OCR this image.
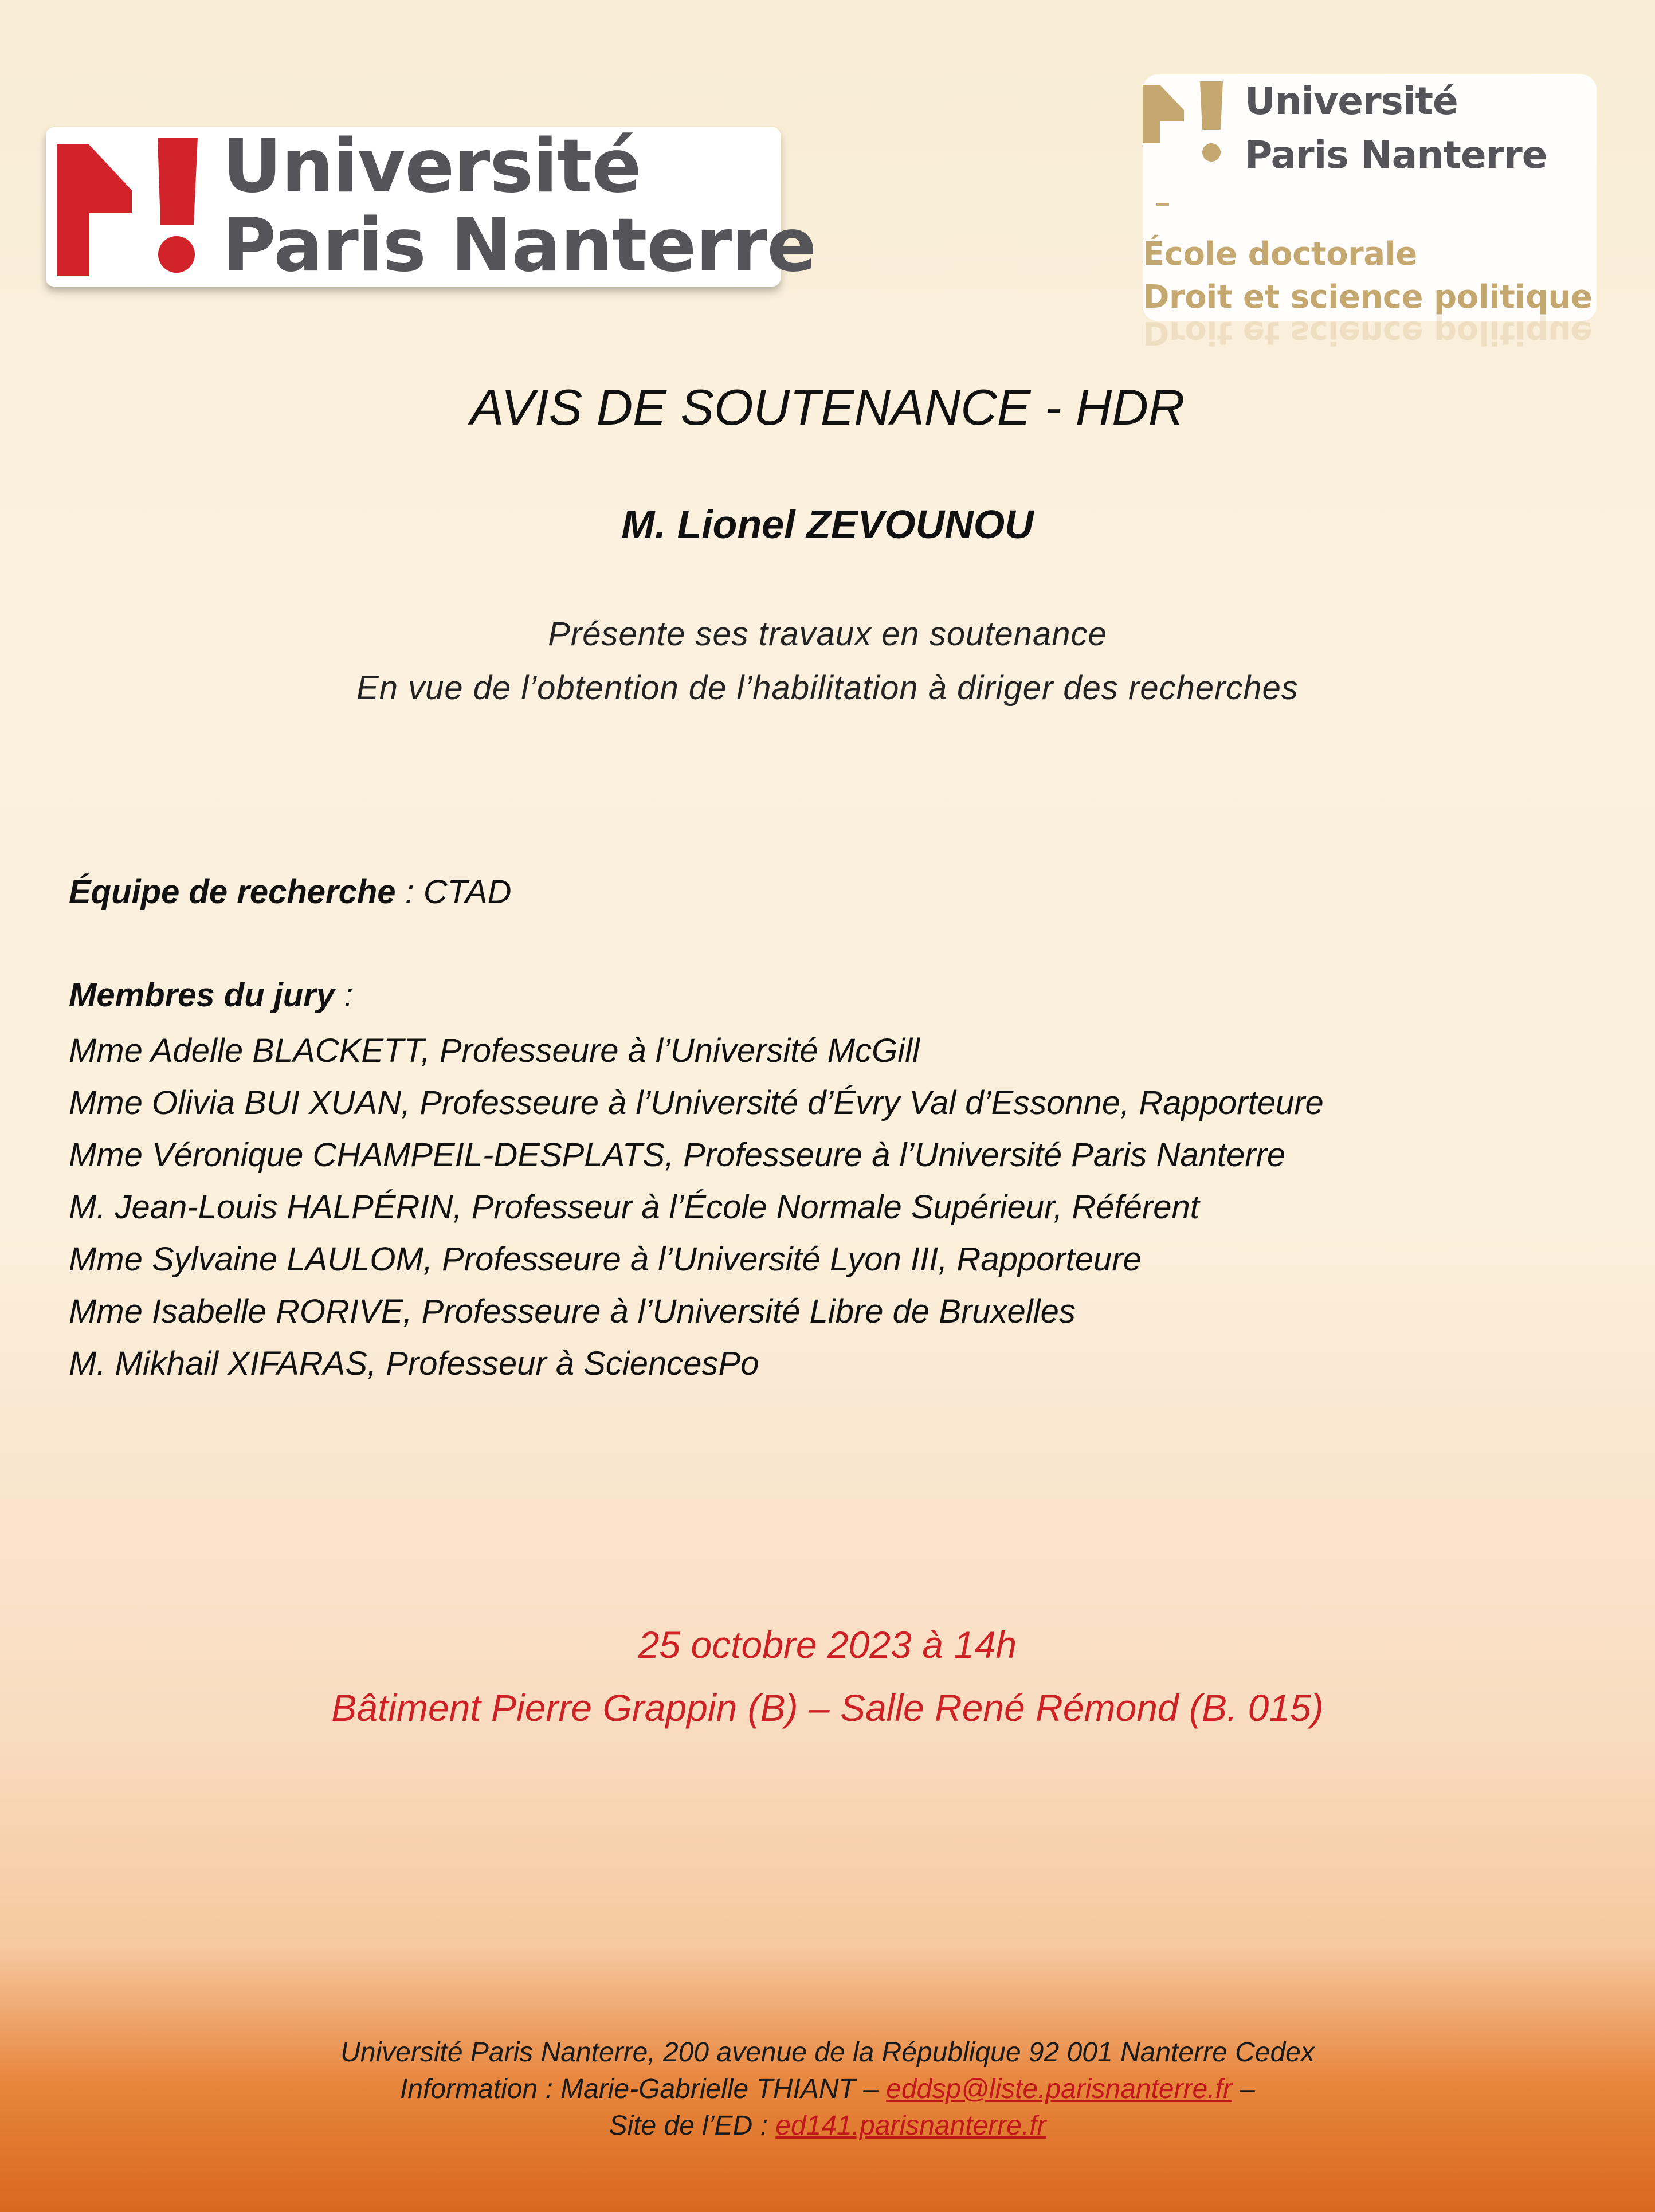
Université
Paris Nanterre
Université
Paris Nanterre
École doctorale
Droit et science politique
Droit et science politique
AVIS DE SOUTENANCE - HDR
M. Lionel ZEVOUNOU
Présente ses travaux en soutenance
En vue de l’obtention de l’habilitation à diriger des recherches
Équipe de recherche : CTAD
Membres du jury :
Mme Adelle BLACKETT, Professeure à l’Université McGill
Mme Olivia BUI XUAN, Professeure à l’Université d’Évry Val d’Essonne, Rapporteure
Mme Véronique CHAMPEIL-DESPLATS, Professeure à l’Université Paris Nanterre
M. Jean-Louis HALPÉRIN, Professeur à l’École Normale Supérieur, Référent
Mme Sylvaine LAULOM, Professeure à l’Université Lyon III, Rapporteure
Mme Isabelle RORIVE, Professeure à l’Université Libre de Bruxelles
M. Mikhail XIFARAS, Professeur à SciencesPo
25 octobre 2023 à 14h
Bâtiment Pierre Grappin (B) – Salle René Rémond (B. 015)
Université Paris Nanterre, 200 avenue de la République 92 001 Nanterre Cedex
Information : Marie-Gabrielle THIANT – eddsp@liste.parisnanterre.fr –
Site de l’ED : ed141.parisnanterre.fr
